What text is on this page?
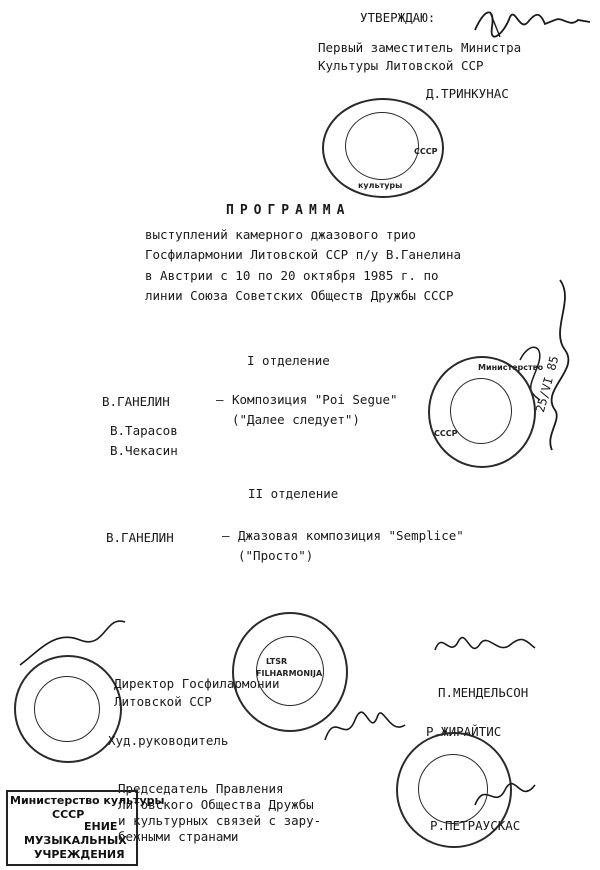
УТВЕРЖДАЮ:
Первый заместитель Министра
Культуры Литовской ССР
Д.ТРИНКУНАС
культуры
СССР
ПРОГРАММА
выступлений камерного джазового трио
Госфилармонии Литовской ССР п/у В.Ганелина
в Австрии с 10 по 20 октября 1985 г. по
линии Союза Советских Обществ Дружбы СССР
I отделение
В.ГАНЕЛИН	– Композиция "Poi Segue"
("Далее следует")
В.Тарасов
В.Чекасин
Министерство
СССР
25/VI 85
II отделение
В.ГАНЕЛИН	– Джазовая композиция "Semplice"
("Просто")
LTSR
FILHARMONIJA
Директор Госфилармонии
Литовской ССР
П.МЕНДЕЛЬСОН
Худ.руководитель
Р.ЖИРАЙТИС
Председатель Правления
Литовского Общества Дружбы
и культурных связей с зару-
бежными странами
Р.ПЕТРАУСКАС
Министерство культуры
СССР
ЕНИЕ
МУЗЫКАЛЬНЫХ
УЧРЕЖДЕНИЯ
